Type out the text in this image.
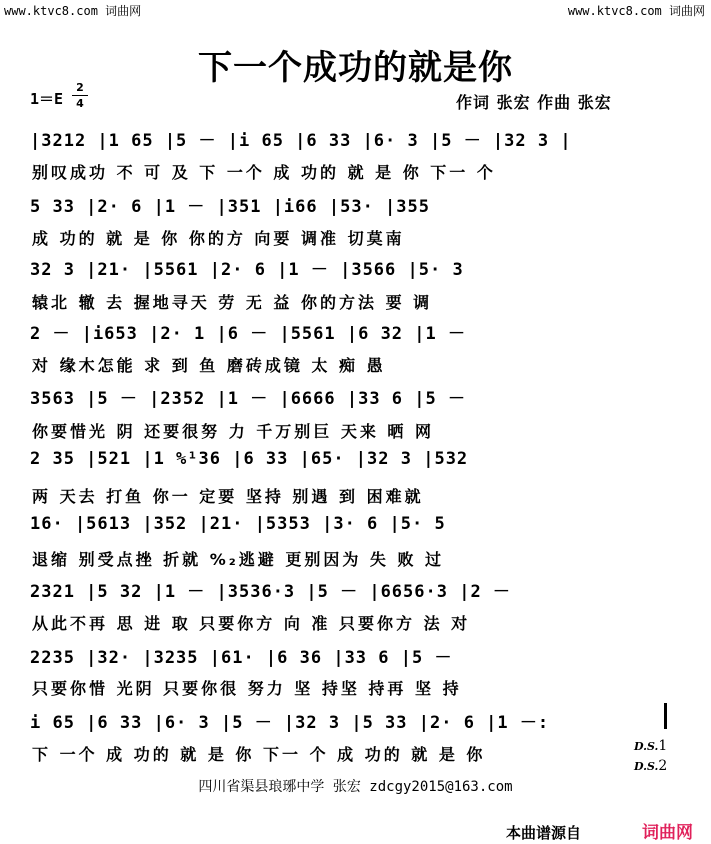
www.ktvc8.com 词曲网	www.ktvc8.com 词曲网
下一个成功的就是你
1＝E
2
4	作词 张宏 作曲 张宏
|3212 |1 65 |5 － |i 65 |6 33 |6· 3 |5 － |32 3 |
别叹成功 不 可 及 下 一个 成 功的 就 是 你 下一 个
5 33 |2· 6 |1 － |351 |i66 |53· |355
成 功的 就 是 你 你的方 向要 调准 切莫南
32 3 |21· |5561 |2· 6 |1 － |3566 |5· 3
辕北 辙 去 握地寻天 劳 无 益 你的方法 要 调
2 － |i653 |2· 1 |6 － |5561 |6 32 |1 －
对 缘木怎能 求 到 鱼 磨砖成镜 太 痴 愚
3563 |5 － |2352 |1 － |6666 |33 6 |5 －
你要惜光 阴 还要很努 力 千万别巨 天来 晒 网
2 35 |521 |1 %¹36 |6 33 |65· |32 3 |532
两 天去 打鱼 你一 定要 坚持 别遇 到 困难就
16· |5613 |352 |21· |5353 |3· 6 |5· 5
退缩 别受点挫 折就 %₂逃避 更别因为 失 败 过
2321 |5 32 |1 － |3536·3 |5 － |6656·3 |2 －
从此不再 思 进 取 只要你方 向 准 只要你方 法 对
2235 |32· |3235 |61· |6 36 |33 6 |5 －
只要你惜 光阴 只要你很 努力 坚 持坚 持再 坚 持
i 65 |6 33 |6· 3 |5 － |32 3 |5 33 |2· 6 |1 －:
下 一个 成 功的 就 是 你 下一 个 成 功的 就 是 你	D.S.1
D.S.2
四川省渠县琅琊中学 张宏 zdcgy2015@163.com
本曲谱源自	词曲网
